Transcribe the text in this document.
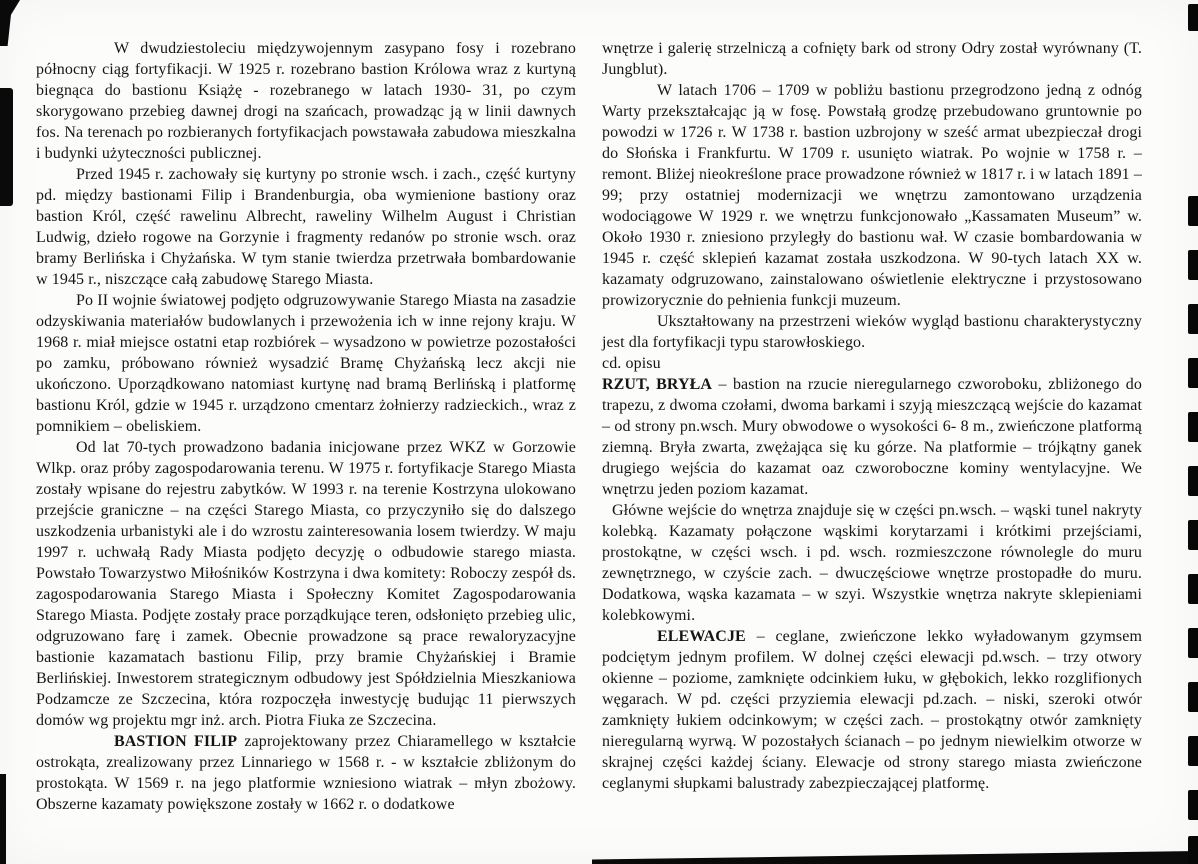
W dwudziestoleciu międzywojennym zasypano fosy i rozebrano północny ciąg fortyfikacji. W 1925 r. rozebrano bastion Królowa wraz z kurtyną biegnąca do bastionu Książę - rozebranego w latach 1930- 31, po czym skorygowano przebieg dawnej drogi na szańcach, prowadząc ją w linii dawnych fos. Na terenach po rozbieranych fortyfikacjach powstawała zabudowa mieszkalna i budynki użyteczności publicznej.

Przed 1945 r. zachowały się kurtyny po stronie wsch. i zach., część kurtyny pd. między bastionami Filip i Brandenburgia, oba wymienione bastiony oraz bastion Król, część rawelinu Albrecht, raweliny Wilhelm August i Christian Ludwig, dzieło rogowe na Gorzynie i fragmenty redanów po stronie wsch. oraz bramy Berlińska i Chyżańska. W tym stanie twierdza przetrwała bombardowanie w 1945 r., niszczące całą zabudowę Starego Miasta.

Po II wojnie światowej podjęto odgruzowywanie Starego Miasta na zasadzie odzyskiwania materiałów budowlanych i przewożenia ich w inne rejony kraju. W 1968 r. miał miejsce ostatni etap rozbiórek – wysadzono w powietrze pozostałości po zamku, próbowano również wysadzić Bramę Chyżańską lecz akcji nie ukończono. Uporządkowano natomiast kurtynę nad bramą Berlińską i platformę bastionu Król, gdzie w 1945 r. urządzono cmentarz żołnierzy radzieckich., wraz z pomnikiem – obeliskiem.

Od lat 70-tych prowadzono badania inicjowane przez WKZ w Gorzowie Wlkp. oraz próby zagospodarowania terenu. W 1975 r. fortyfikacje Starego Miasta zostały wpisane do rejestru zabytków. W 1993 r. na terenie Kostrzyna ulokowano przejście graniczne – na części Starego Miasta, co przyczyniło się do dalszego uszkodzenia urbanistyki ale i do wzrostu zainteresowania losem twierdzy. W maju 1997 r. uchwałą Rady Miasta podjęto decyzję o odbudowie starego miasta. Powstało Towarzystwo Miłośników Kostrzyna i dwa komitety: Roboczy zespół ds. zagospodarowania Starego Miasta i Społeczny Komitet Zagospodarowania Starego Miasta. Podjęte zostały prace porządkujące teren, odsłonięto przebieg ulic, odgruzowano farę i zamek. Obecnie prowadzone są prace rewaloryzacyjne bastionie kazamatach bastionu Filip, przy bramie Chyżańskiej i Bramie Berlińskiej. Inwestorem strategicznym odbudowy jest Spółdzielnia Mieszkaniowa Podzamcze ze Szczecina, która rozpoczęła inwestycję budując 11 pierwszych domów wg projektu mgr inż. arch. Piotra Fiuka ze Szczecina.

BASTION FILIP zaprojektowany przez Chiaramellego w kształcie ostrokąta, zrealizowany przez Linnariego w 1568 r. - w kształcie zbliżonym do prostokąta. W 1569 r. na jego platformie wzniesiono wiatrak – młyn zbożowy. Obszerne kazamaty powiększone zostały w 1662 r. o dodatkowe

wnętrze i galerię strzelniczą a cofnięty bark od strony Odry został wyrównany (T. Jungblut).

W latach 1706 – 1709 w pobliżu bastionu przegrodzono jedną z odnóg Warty przekształcając ją w fosę. Powstałą grodzę przebudowano gruntownie po powodzi w 1726 r. W 1738 r. bastion uzbrojony w sześć armat ubezpieczał drogi do Słońska i Frankfurtu. W 1709 r. usunięto wiatrak. Po wojnie w 1758 r. – remont. Bliżej nieokreślone prace prowadzone również w 1817 r. i w latach 1891 – 99; przy ostatniej modernizacji we wnętrzu zamontowano urządzenia wodociągowe W 1929 r. we wnętrzu funkcjonowało „Kassamaten Museum” w. Około 1930 r. zniesiono przyległy do bastionu wał. W czasie bombardowania w 1945 r. część sklepień kazamat została uszkodzona. W 90-tych latach XX w. kazamaty odgruzowano, zainstalowano oświetlenie elektryczne i przystosowano prowizorycznie do pełnienia funkcji muzeum.

Ukształtowany na przestrzeni wieków wygląd bastionu charakterystyczny jest dla fortyfikacji typu starowłoskiego.

cd. opisu

RZUT, BRYŁA – bastion na rzucie nieregularnego czworoboku, zbliżonego do trapezu, z dwoma czołami, dwoma barkami i szyją mieszczącą wejście do kazamat – od strony pn.wsch. Mury obwodowe o wysokości 6- 8 m., zwieńczone platformą ziemną. Bryła zwarta, zwężająca się ku górze. Na platformie – trójkątny ganek drugiego wejścia do kazamat oaz czworoboczne kominy wentylacyjne. We wnętrzu jeden poziom kazamat.

Główne wejście do wnętrza znajduje się w części pn.wsch. – wąski tunel nakryty kolebką. Kazamaty połączone wąskimi korytarzami i krótkimi przejściami, prostokątne, w części wsch. i pd. wsch. rozmieszczone równolegle do muru zewnętrznego, w czyście zach. – dwuczęściowe wnętrze prostopadłe do muru. Dodatkowa, wąska kazamata – w szyi. Wszystkie wnętrza nakryte sklepieniami kolebkowymi.

ELEWACJE – ceglane, zwieńczone lekko wyładowanym gzymsem podciętym jednym profilem. W dolnej części elewacji pd.wsch. – trzy otwory okienne – poziome, zamknięte odcinkiem łuku, w głębokich, lekko rozglifionych węgarach. W pd. części przyziemia elewacji pd.zach. – niski, szeroki otwór zamknięty łukiem odcinkowym; w części zach. – prostokątny otwór zamknięty nieregularną wyrwą. W pozostałych ścianach – po jednym niewielkim otworze w skrajnej części każdej ściany. Elewacje od strony starego miasta zwieńczone ceglanymi słupkami balustrady zabezpieczającej platformę.
